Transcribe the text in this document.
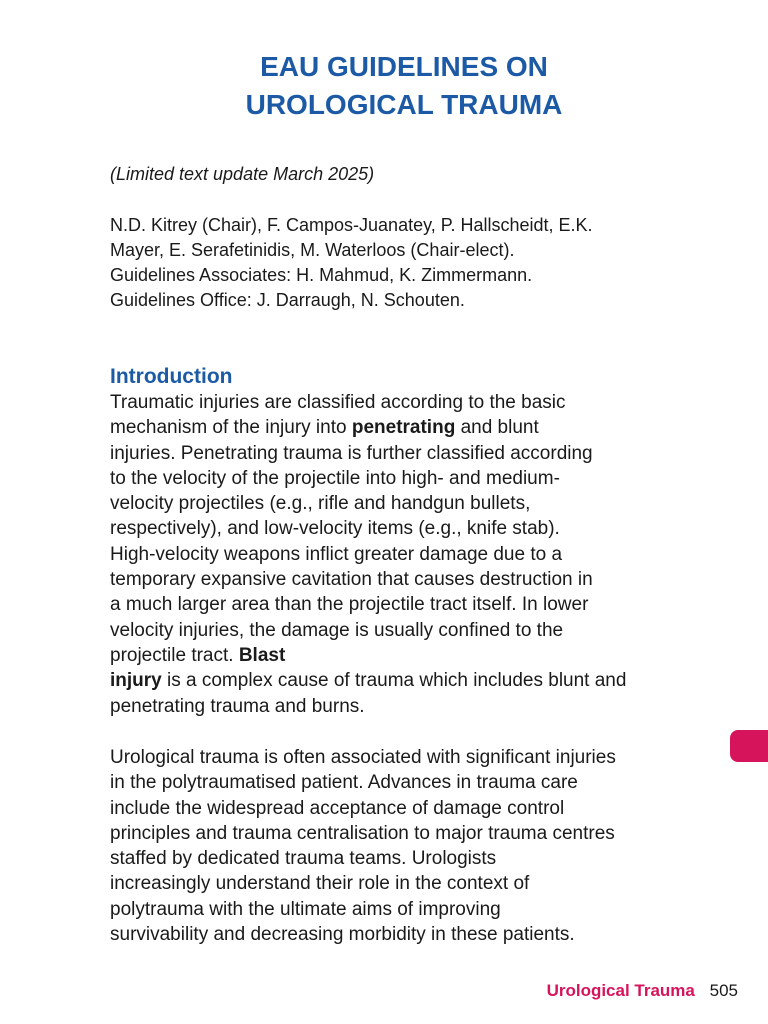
EAU GUIDELINES ON
UROLOGICAL TRAUMA

(Limited text update March 2025)

N.D. Kitrey (Chair), F. Campos-Juanatey, P. Hallscheidt, E.K.
Mayer, E. Serafetinidis, M. Waterloos (Chair-elect).
Guidelines Associates: H. Mahmud, K. Zimmermann.
Guidelines Office: J. Darraugh, N. Schouten.
Introduction
Traumatic injuries are classified according to the basic
mechanism of the injury into penetrating and blunt
injuries. Penetrating trauma is further classified according
to the velocity of the projectile into high- and medium-
velocity projectiles (e.g., rifle and handgun bullets,
respectively), and low-velocity items (e.g., knife stab).
High-velocity weapons inflict greater damage due to a
temporary expansive cavitation that causes destruction in
a much larger area than the projectile tract itself. In lower
velocity injuries, the damage is usually confined to the
projectile tract. Blast
injury is a complex cause of trauma which includes blunt and
penetrating trauma and burns.
Urological trauma is often associated with significant injuries
in the polytraumatised patient. Advances in trauma care
include the widespread acceptance of damage control
principles and trauma centralisation to major trauma centres
staffed by dedicated trauma teams. Urologists
increasingly understand their role in the context of
polytrauma with the ultimate aims of improving
survivability and decreasing morbidity in these patients.
Urological Trauma 505
